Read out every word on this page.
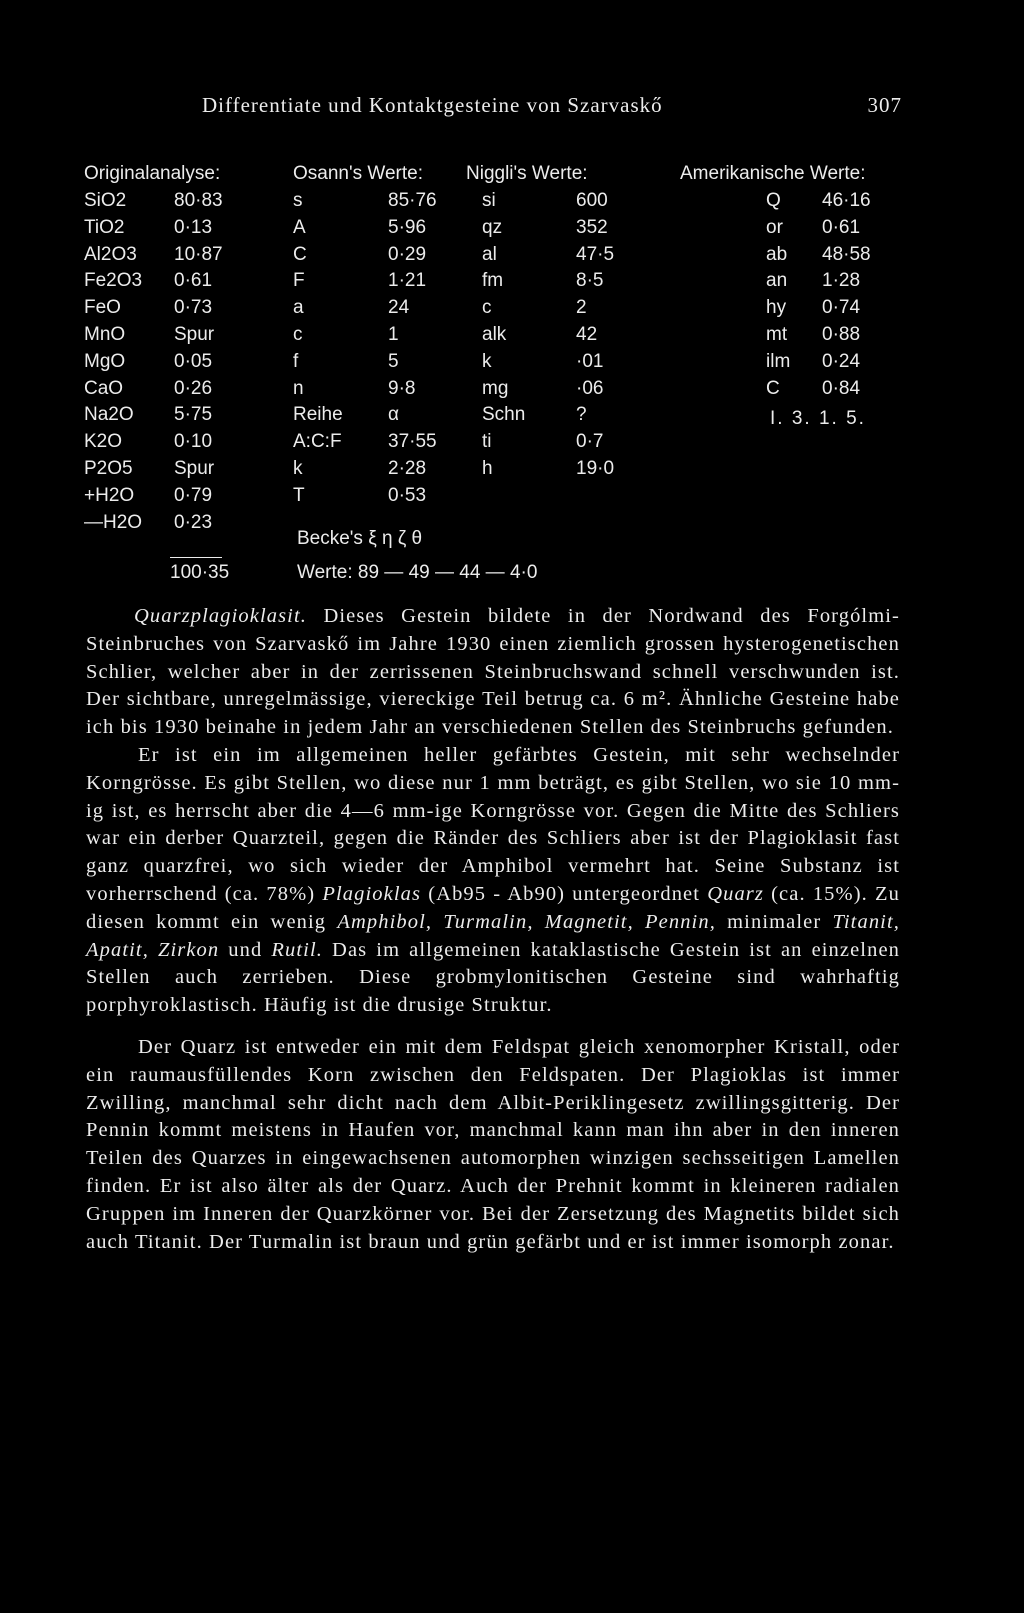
Differentiate und Kontaktgesteine von Szarvaskő	307
Originalanalyse:
SiO2	80·83
TiO2	0·13
Al2O3 10·87
Fe2O3 0·61
FeO	0·73
MnO	Spur
MgO	0·05
CaO	0·26
Na2O 5·75
K2O	0·10
P2O5 Spur
+H2O 0·79
—H2O 0·23
100·35
Osann's Werte:
s	85·76
A	5·96
C	0·29
F	1·21
a	24
c	1
f	5
n	9·8
Reihe α
A:C:F 37·55
k	2·28
T	0·53
Niggli's Werte:
si	600
qz	352
al	47·5
fm	8·5
c	2
alk	42
k	·01
mg	·06
Schn	?
ti	0·7
h	19·0
Amerikanische Werte:
Q 46·16
or 0·61
ab 48·58
an 1·28
hy 0·74
mt 0·88
ilm 0·24
C 0·84
Becke's ξ η ζ θ
Werte: 89 — 49 — 44 — 4·0
I. 3. 1. 5.

Quarzplagioklasit. Dieses Gestein bildete in der Nordwand des Forgólmi-Steinbruches von Szarvaskő im Jahre 1930 einen ziemlich grossen hysterogenetischen Schlier, welcher aber in der zerrissenen Steinbruchswand schnell verschwunden ist. Der sichtbare, unregelmässige, viereckige Teil betrug ca. 6 m². Ähnliche Gesteine habe ich bis 1930 beinahe in jedem Jahr an verschiedenen Stellen des Steinbruchs gefunden.

Er ist ein im allgemeinen heller gefärbtes Gestein, mit sehr wechselnder Korngrösse. Es gibt Stellen, wo diese nur 1 mm beträgt, es gibt Stellen, wo sie 10 mm-ig ist, es herrscht aber die 4—6 mm-ige Korngrösse vor. Gegen die Mitte des Schliers war ein derber Quarzteil, gegen die Ränder des Schliers aber ist der Plagioklasit fast ganz quarzfrei, wo sich wieder der Amphibol vermehrt hat. Seine Substanz ist vorherrschend (ca. 78%) Plagioklas (Ab95 - Ab90) untergeordnet Quarz (ca. 15%). Zu diesen kommt ein wenig Amphibol, Turmalin, Magnetit, Pennin, minimaler Titanit, Apatit, Zirkon und Rutil. Das im allgemeinen kataklastische Gestein ist an einzelnen Stellen auch zerrieben. Diese grobmylonitischen Gesteine sind wahrhaftig porphyroklastisch. Häufig ist die drusige Struktur.

Der Quarz ist entweder ein mit dem Feldspat gleich xenomorpher Kristall, oder ein raumausfüllendes Korn zwischen den Feldspaten. Der Plagioklas ist immer Zwilling, manchmal sehr dicht nach dem Albit-Periklingesetz zwillingsgitterig. Der Pennin kommt meistens in Haufen vor, manchmal kann man ihn aber in den inneren Teilen des Quarzes in eingewachsenen automorphen winzigen sechsseitigen Lamellen finden. Er ist also älter als der Quarz. Auch der Prehnit kommt in kleineren radialen Gruppen im Inneren der Quarzkörner vor. Bei der Zersetzung des Magnetits bildet sich auch Titanit. Der Turmalin ist braun und grün gefärbt und er ist immer isomorph zonar.
